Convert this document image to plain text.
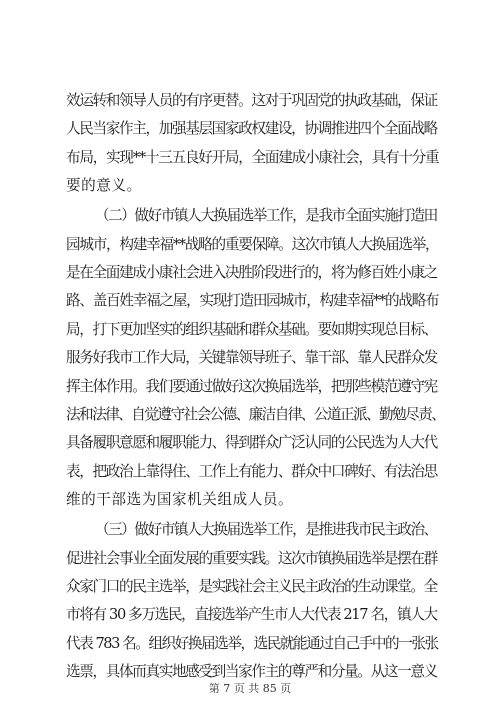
效运转和领导人员的有序更替。这对于巩固党的执政基础，保证
人民当家作主，加强基层国家政权建设，协调推进四个全面战略
布局，实现**十三五良好开局，全面建成小康社会，具有十分重
要的意义。
（二）做好市镇人大换届选举工作，是我市全面实施打造田
园城市，构建幸福**战略的重要保障。这次市镇人大换届选举，
是在全面建成小康社会进入决胜阶段进行的，将为修百姓小康之
路、盖百姓幸福之屋，实现打造田园城市，构建幸福**的战略布
局，打下更加坚实的组织基础和群众基础。要如期实现总目标、
服务好我市工作大局，关键靠领导班子、靠干部、靠人民群众发
挥主体作用。我们要通过做好这次换届选举，把那些模范遵守宪
法和法律、自觉遵守社会公德、廉洁自律、公道正派、勤勉尽责、
具备履职意愿和履职能力、得到群众广泛认同的公民选为人大代
表，把政治上靠得住、工作上有能力、群众中口碑好、有法治思
维的干部选为国家机关组成人员。
（三）做好市镇人大换届选举工作，是推进我市民主政治、
促进社会事业全面发展的重要实践。这次市镇换届选举是摆在群
众家门口的民主选举，是实践社会主义民主政治的生动课堂。全
市将有 30 多万选民，直接选举产生市人大代表 217 名，镇人大
代表 783 名。组织好换届选举，选民就能通过自己手中的一张张
选票，具体而真实地感受到当家作主的尊严和分量。从这一意义
第 7 页 共 85 页
